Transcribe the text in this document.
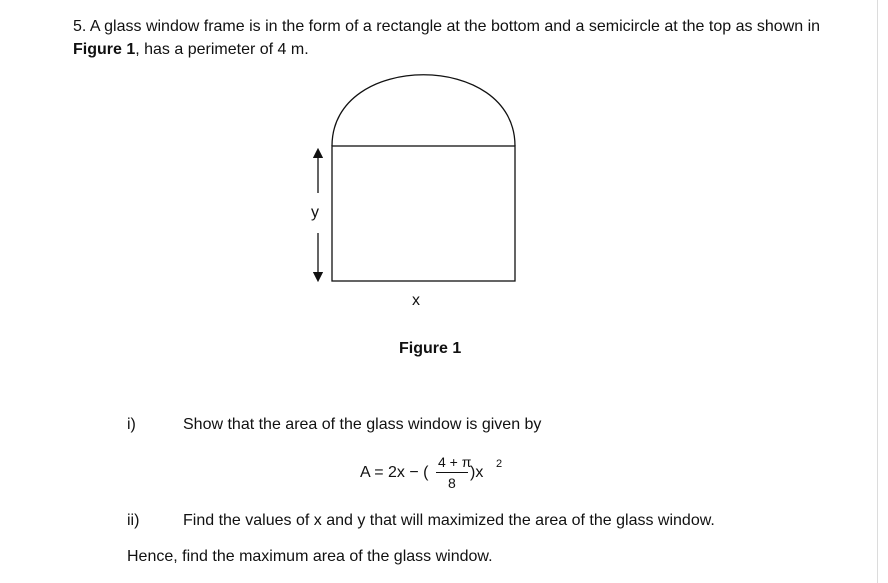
5. A glass window frame is in the form of a rectangle at the bottom and a semicircle at the top as shown in Figure 1, has a perimeter of 4 m.
y
x
Figure 1
i)	Show that the area of the glass window is given by
A = 2x − (
4 + π
8
)x 2
ii)	Find the values of x and y that will maximized the area of the glass window.
Hence, find the maximum area of the glass window.
